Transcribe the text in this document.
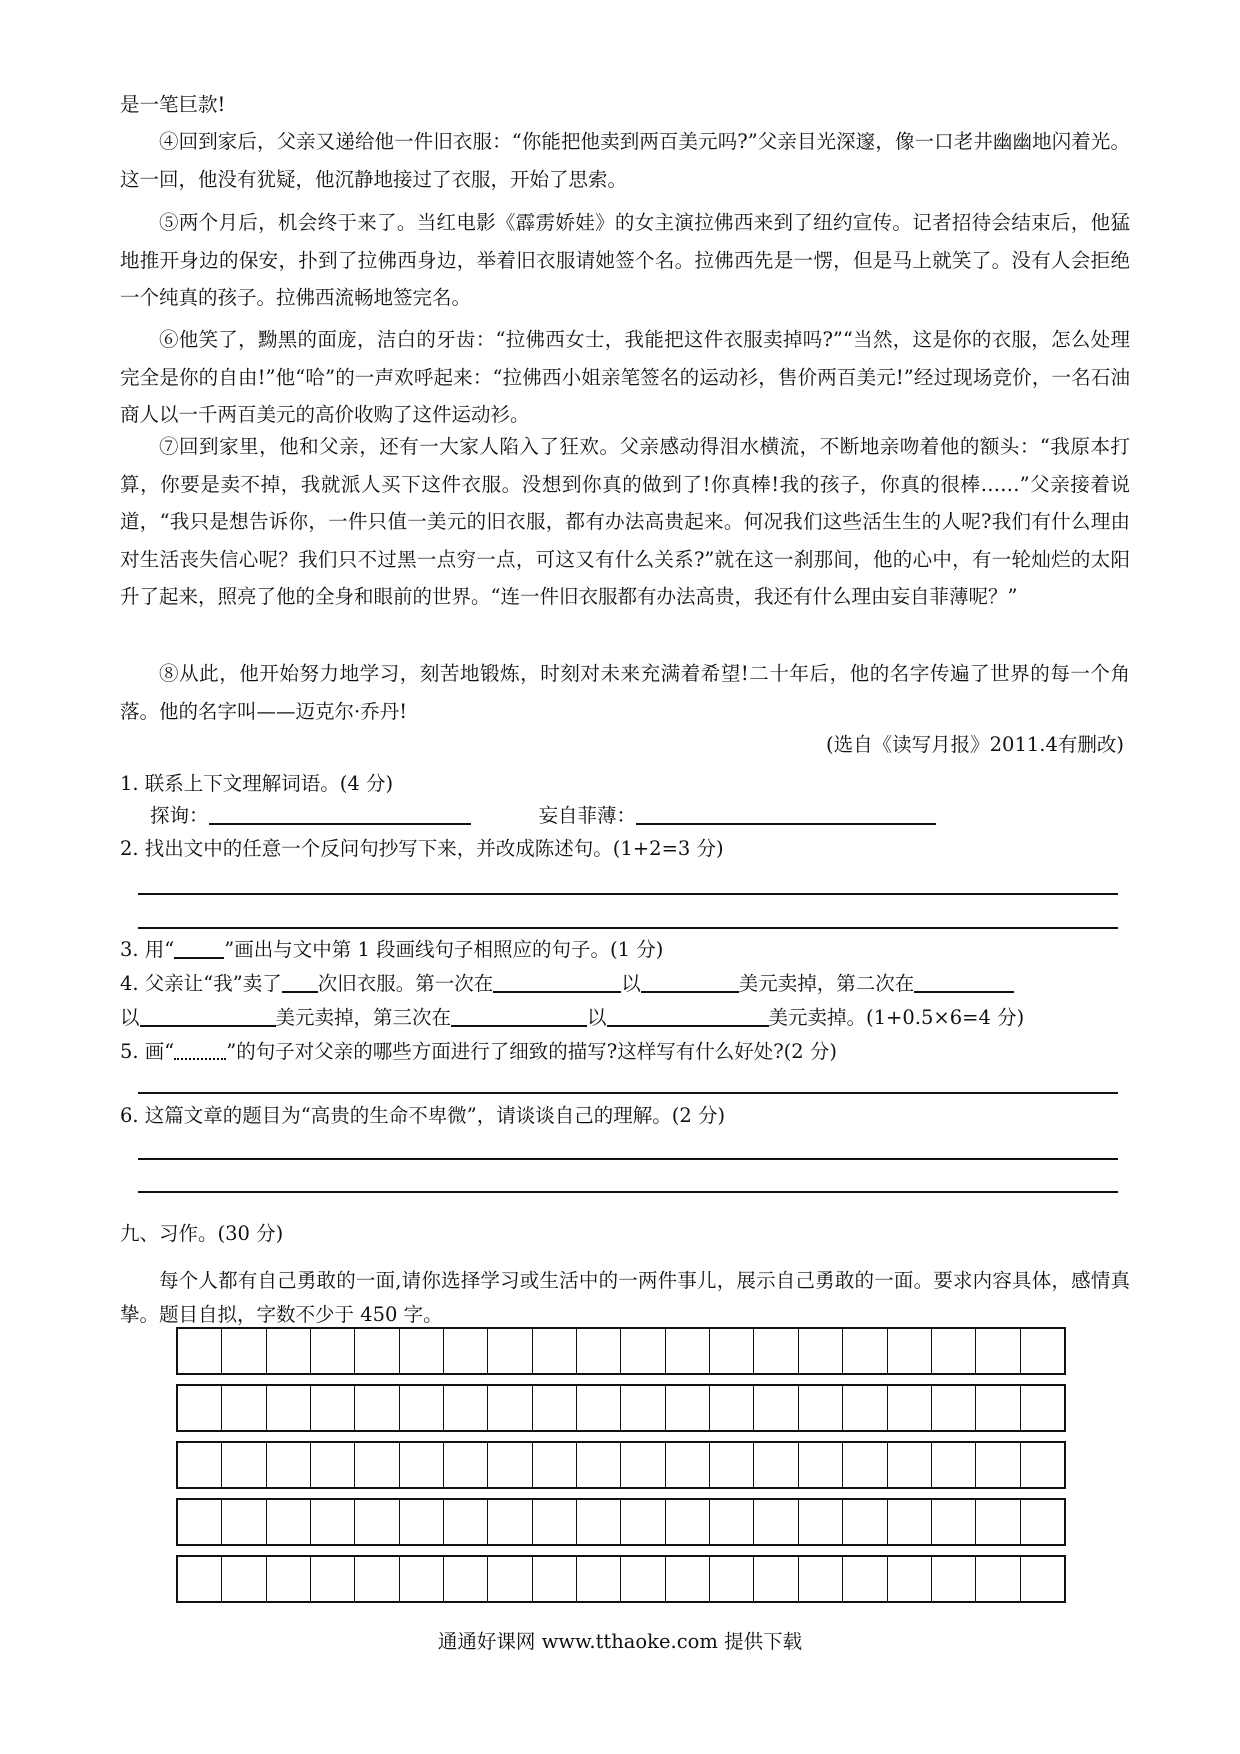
是一笔巨款!

④回到家后，父亲又递给他一件旧衣服：“你能把他卖到两百美元吗?”父亲目光深邃，像一口老井幽幽地闪着光。这一回，他没有犹疑，他沉静地接过了衣服，开始了思索。

⑤两个月后，机会终于来了。当红电影《霹雳娇娃》的女主演拉佛西来到了纽约宣传。记者招待会结束后，他猛地推开身边的保安，扑到了拉佛西身边，举着旧衣服请她签个名。拉佛西先是一愣，但是马上就笑了。没有人会拒绝一个纯真的孩子。拉佛西流畅地签完名。

⑥他笑了，黝黑的面庞，洁白的牙齿：“拉佛西女士，我能把这件衣服卖掉吗?”“当然，这是你的衣服，怎么处理完全是你的自由!”他“哈”的一声欢呼起来：“拉佛西小姐亲笔签名的运动衫，售价两百美元!”经过现场竞价，一名石油商人以一千两百美元的高价收购了这件运动衫。

⑦回到家里，他和父亲，还有一大家人陷入了狂欢。父亲感动得泪水横流，不断地亲吻着他的额头：“我原本打算，你要是卖不掉，我就派人买下这件衣服。没想到你真的做到了!你真棒!我的孩子，你真的很棒……”父亲接着说道，“我只是想告诉你，一件只值一美元的旧衣服，都有办法高贵起来。何况我们这些活生生的人呢?我们有什么理由对生活丧失信心呢？我们只不过黑一点穷一点，可这又有什么关系?”就在这一刹那间，他的心中，有一轮灿烂的太阳升了起来，照亮了他的全身和眼前的世界。“连一件旧衣服都有办法高贵，我还有什么理由妄自菲薄呢？”

⑧从此，他开始努力地学习，刻苦地锻炼，时刻对未来充满着希望!二十年后，他的名字传遍了世界的每一个角落。他的名字叫——迈克尔·乔丹!

(选自《读写月报》2011.4有删改)
1. 联系上下文理解词语。(4 分)
探询：	妄自菲薄：
2. 找出文中的任意一个反问句抄写下来，并改成陈述句。(1+2=3 分)
3. 用“	”画出与文中第 1 段画线句子相照应的句子。(1 分)
4. 父亲让“我”卖了 次旧衣服。第一次在	以	美元卖掉，第二次在
以	美元卖掉，第三次在	以	美元卖掉。(1+0.5×6=4 分)
5. 画“	”的句子对父亲的哪些方面进行了细致的描写?这样写有什么好处?(2 分)
6. 这篇文章的题目为“高贵的生命不卑微”，请谈谈自己的理解。(2 分)
九、习作。(30 分)

每个人都有自己勇敢的一面,请你选择学习或生活中的一两件事儿，展示自己勇敢的一面。要求内容具体，感情真挚。题目自拟，字数不少于 450 字。

通通好课网 www.tthaoke.com 提供下载
